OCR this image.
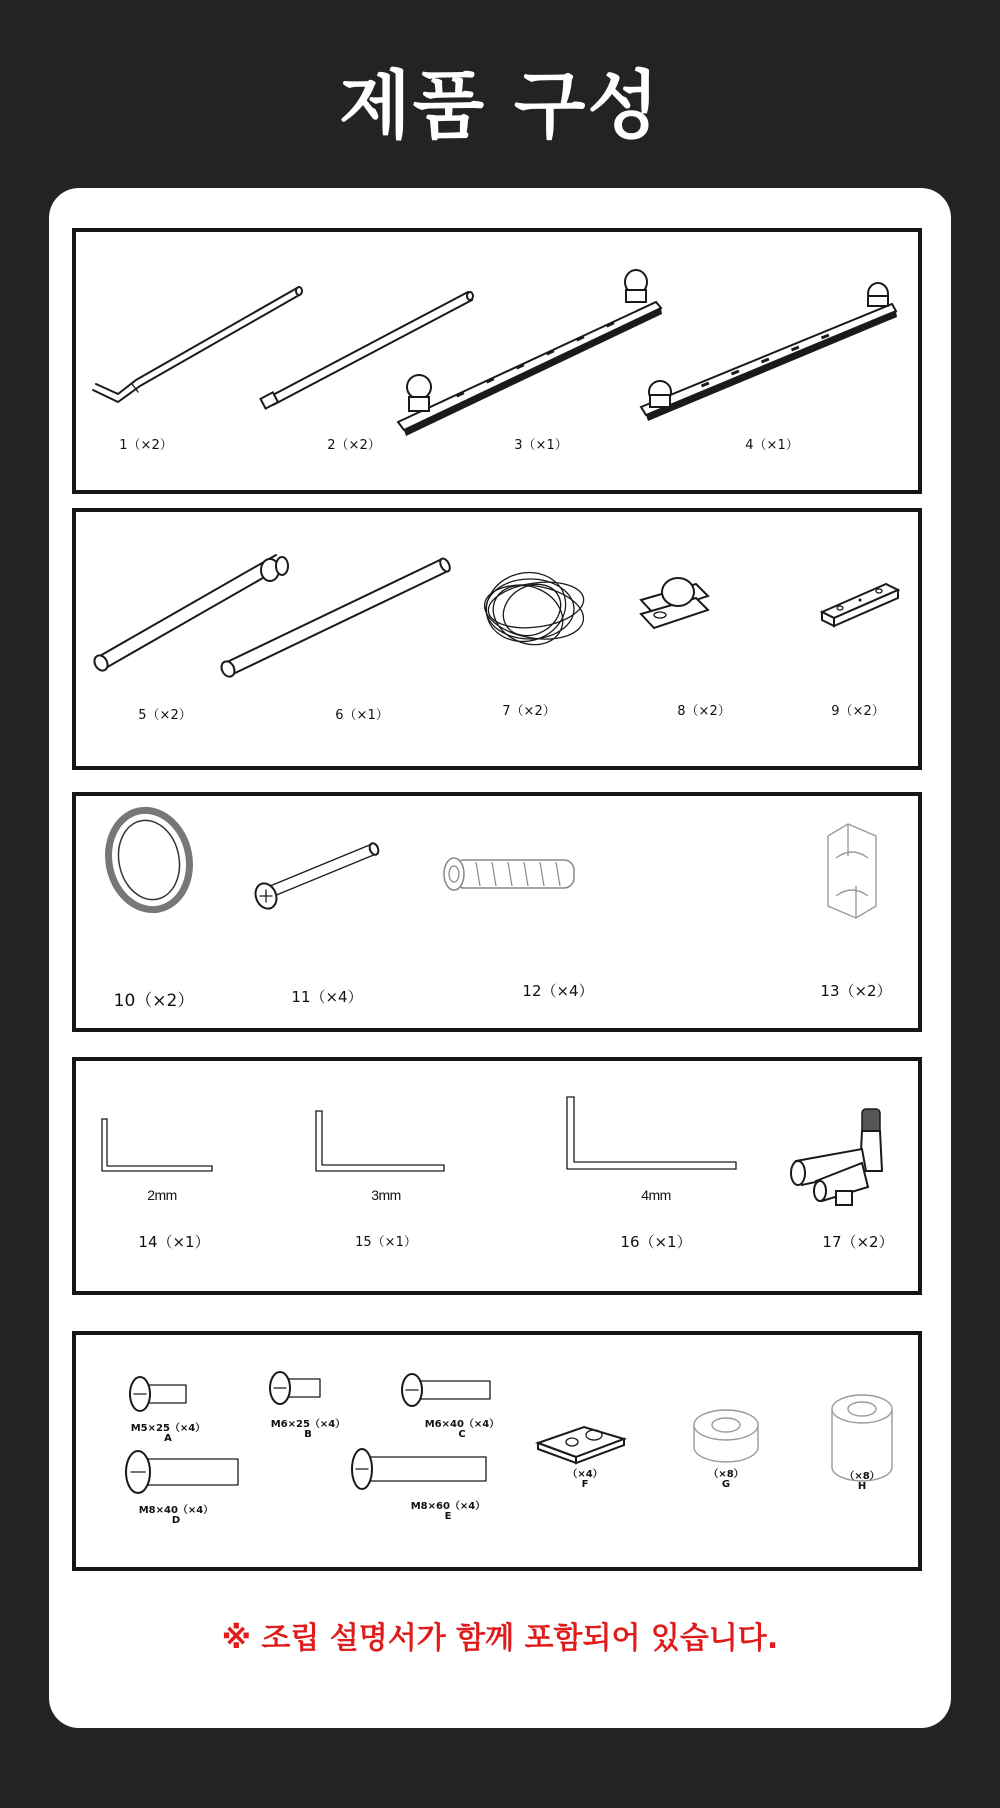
제품 구성
1（×2）	2（×2）	3（×1）	4（×1）
5（×2）	6（×1）	7（×2）	8（×2）	9（×2）
10（×2）	11（×4）	12（×4）	13（×2）
2mm	3mm	4mm
14（×1）	15（×1）	16（×1）	17（×2）
M5×25（×4）
A
M6×25（×4）
B
M6×40（×4）
C
M8×40（×4）
D
M8×60（×4）
E
（×4）
F
（×8）
G
（×8）
H
※ 조립 설명서가 함께 포함되어 있습니다.
